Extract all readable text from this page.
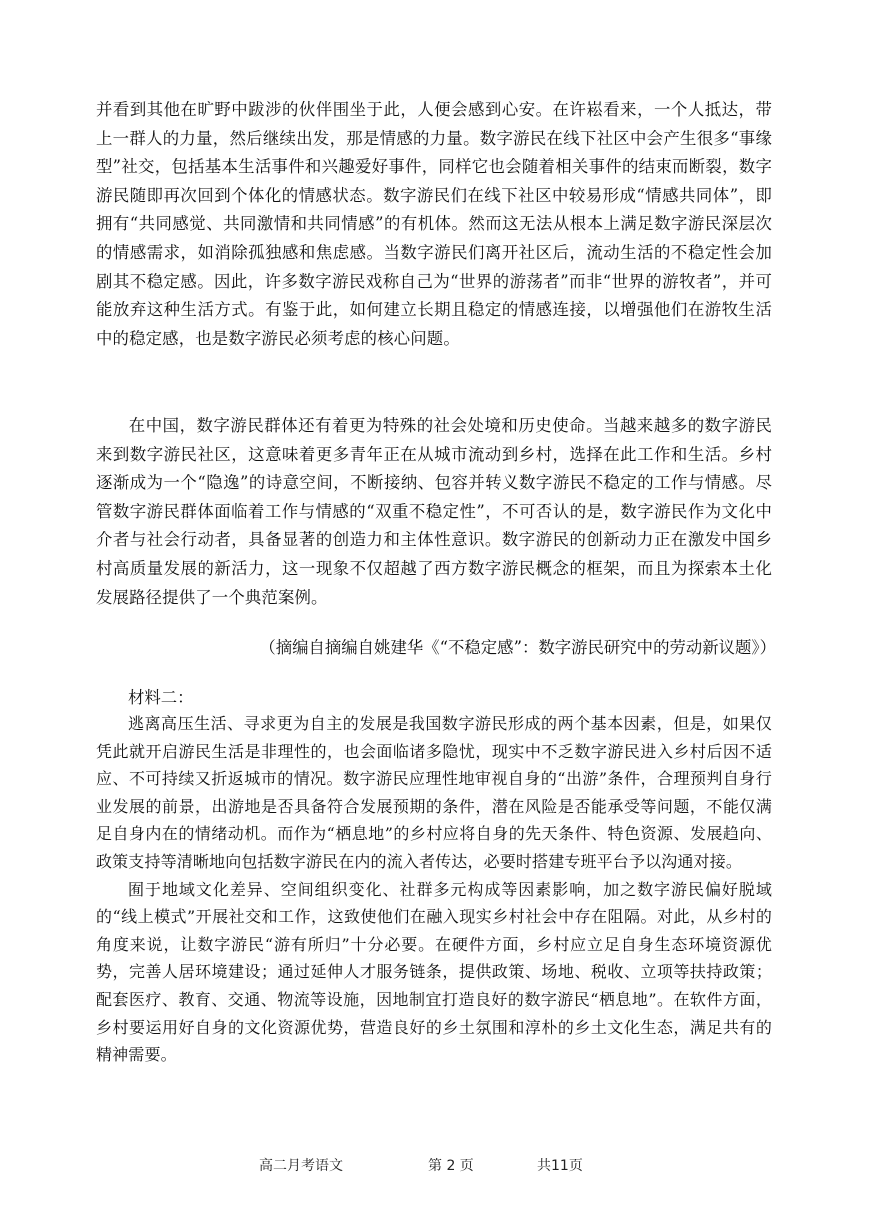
并看到其他在旷野中跋涉的伙伴围坐于此，人便会感到心安。在许崧看来，一个人抵达，带上一群人的力量，然后继续出发，那是情感的力量。数字游民在线下社区中会产生很多“事缘型”社交，包括基本生活事件和兴趣爱好事件，同样它也会随着相关事件的结束而断裂，数字游民随即再次回到个体化的情感状态。数字游民们在线下社区中较易形成“情感共同体”，即拥有“共同感觉、共同激情和共同情感”的有机体。然而这无法从根本上满足数字游民深层次的情感需求，如消除孤独感和焦虑感。当数字游民们离开社区后，流动生活的不稳定性会加剧其不稳定感。因此，许多数字游民戏称自己为“世界的游荡者”而非“世界的游牧者”，并可能放弃这种生活方式。有鉴于此，如何建立长期且稳定的情感连接，以增强他们在游牧生活中的稳定感，也是数字游民必须考虑的核心问题。

在中国，数字游民群体还有着更为特殊的社会处境和历史使命。当越来越多的数字游民来到数字游民社区，这意味着更多青年正在从城市流动到乡村，选择在此工作和生活。乡村逐渐成为一个“隐逸”的诗意空间，不断接纳、包容并转义数字游民不稳定的工作与情感。尽管数字游民群体面临着工作与情感的“双重不稳定性”，不可否认的是，数字游民作为文化中介者与社会行动者，具备显著的创造力和主体性意识。数字游民的创新动力正在激发中国乡村高质量发展的新活力，这一现象不仅超越了西方数字游民概念的框架，而且为探索本土化发展路径提供了一个典范案例。

（摘编自摘编自姚建华《“不稳定感”：数字游民研究中的劳动新议题》）
材料二：

逃离高压生活、寻求更为自主的发展是我国数字游民形成的两个基本因素，但是，如果仅凭此就开启游民生活是非理性的，也会面临诸多隐忧，现实中不乏数字游民进入乡村后因不适应、不可持续又折返城市的情况。数字游民应理性地审视自身的“出游”条件，合理预判自身行业发展的前景，出游地是否具备符合发展预期的条件，潜在风险是否能承受等问题，不能仅满足自身内在的情绪动机。而作为“栖息地”的乡村应将自身的先天条件、特色资源、发展趋向、政策支持等清晰地向包括数字游民在内的流入者传达，必要时搭建专班平台予以沟通对接。

囿于地域文化差异、空间组织变化、社群多元构成等因素影响，加之数字游民偏好脱域的“线上模式”开展社交和工作，这致使他们在融入现实乡村社会中存在阻隔。对此，从乡村的角度来说，让数字游民“游有所归”十分必要。在硬件方面，乡村应立足自身生态环境资源优势，完善人居环境建设；通过延伸人才服务链条，提供政策、场地、税收、立项等扶持政策；配套医疗、教育、交通、物流等设施，因地制宜打造良好的数字游民“栖息地”。在软件方面，乡村要运用好自身的文化资源优势，营造良好的乡土氛围和淳朴的乡土文化生态，满足共有的精神需要。

高二月考语文	第 2 页	共11页
